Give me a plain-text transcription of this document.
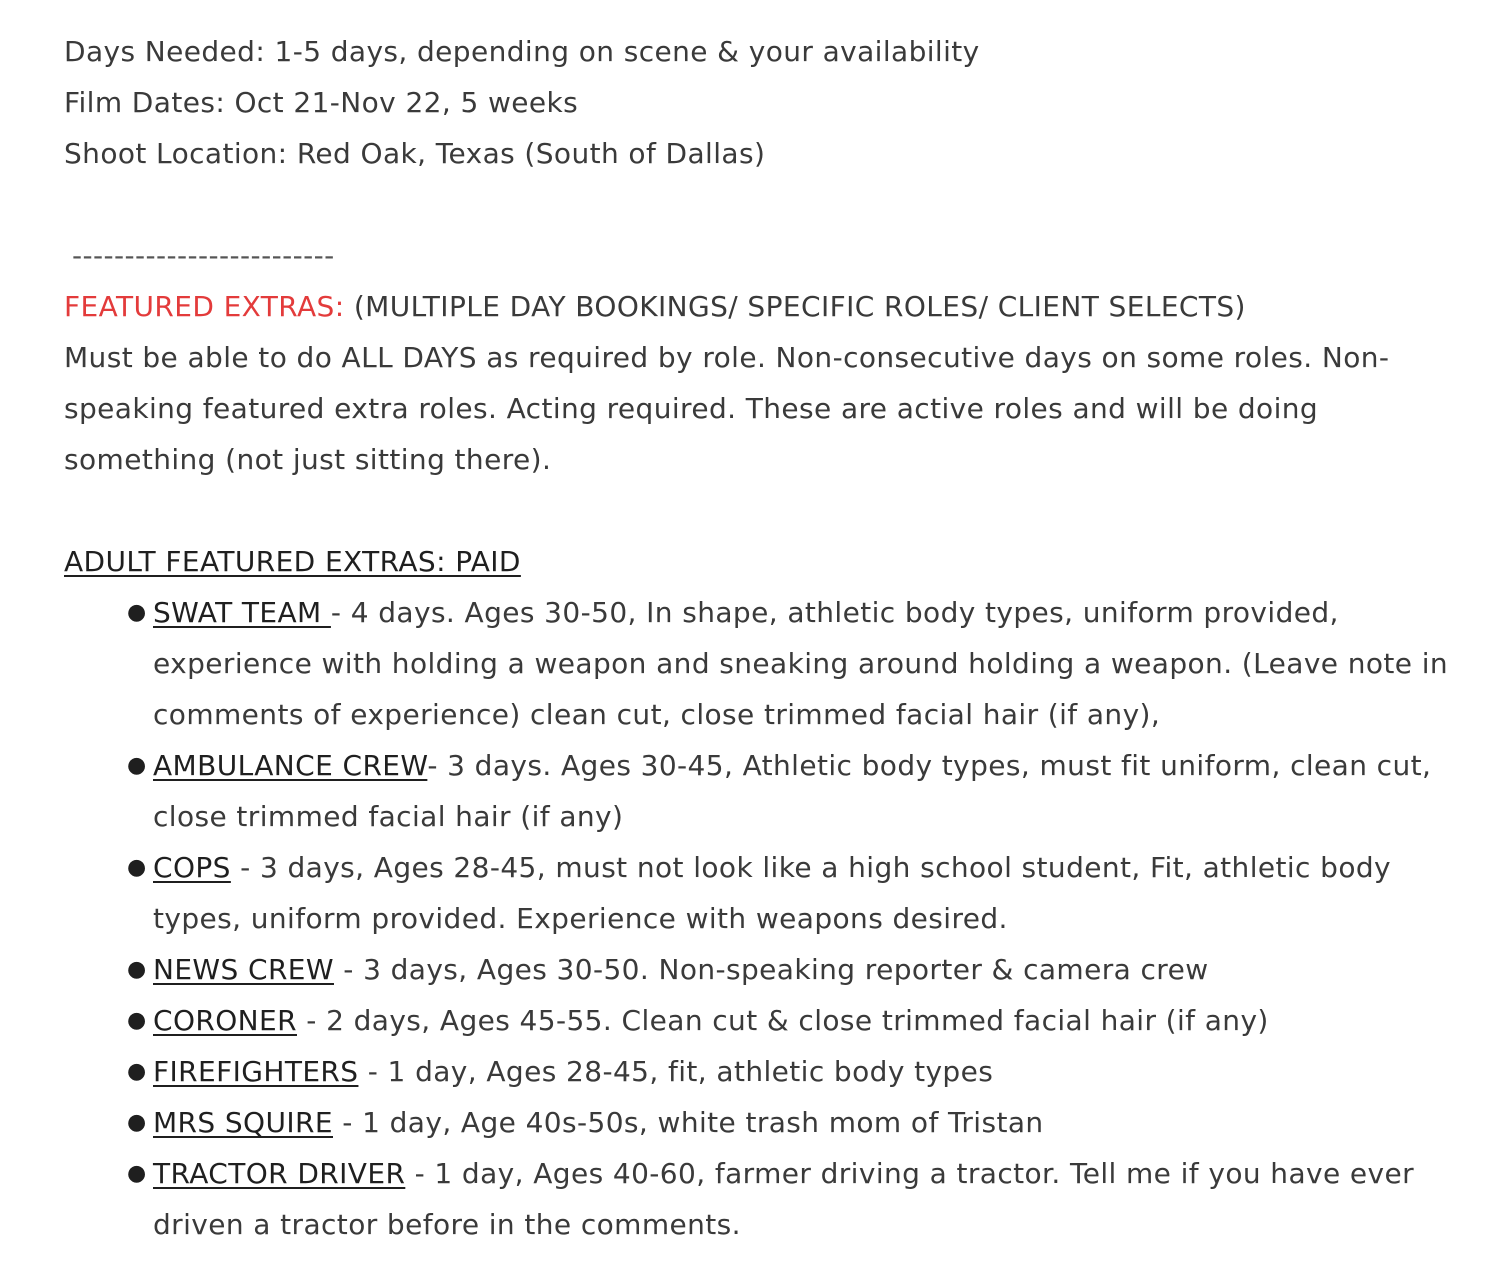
Days Needed: 1-5 days, depending on scene & your availability

Film Dates: Oct 21-Nov 22, 5 weeks

Shoot Location: Red Oak, Texas (South of Dallas)

-------------------------

FEATURED EXTRAS: (MULTIPLE DAY BOOKINGS/ SPECIFIC ROLES/ CLIENT SELECTS)

Must be able to do ALL DAYS as required by role. Non-consecutive days on some roles. Non-speaking featured extra roles. Acting required. These are active roles and will be doing something (not just sitting there).

ADULT FEATURED EXTRAS: PAID

● SWAT TEAM - 4 days. Ages 30-50, In shape, athletic body types, uniform provided, experience with holding a weapon and sneaking around holding a weapon. (Leave note in comments of experience) clean cut, close trimmed facial hair (if any),
● AMBULANCE CREW- 3 days. Ages 30-45, Athletic body types, must fit uniform, clean cut, close trimmed facial hair (if any)
● COPS - 3 days, Ages 28-45, must not look like a high school student, Fit, athletic body types, uniform provided. Experience with weapons desired.
● NEWS CREW - 3 days, Ages 30-50. Non-speaking reporter & camera crew
● CORONER - 2 days, Ages 45-55. Clean cut & close trimmed facial hair (if any)
● FIREFIGHTERS - 1 day, Ages 28-45, fit, athletic body types
● MRS SQUIRE - 1 day, Age 40s-50s, white trash mom of Tristan
● TRACTOR DRIVER - 1 day, Ages 40-60, farmer driving a tractor. Tell me if you have ever driven a tractor before in the comments.
